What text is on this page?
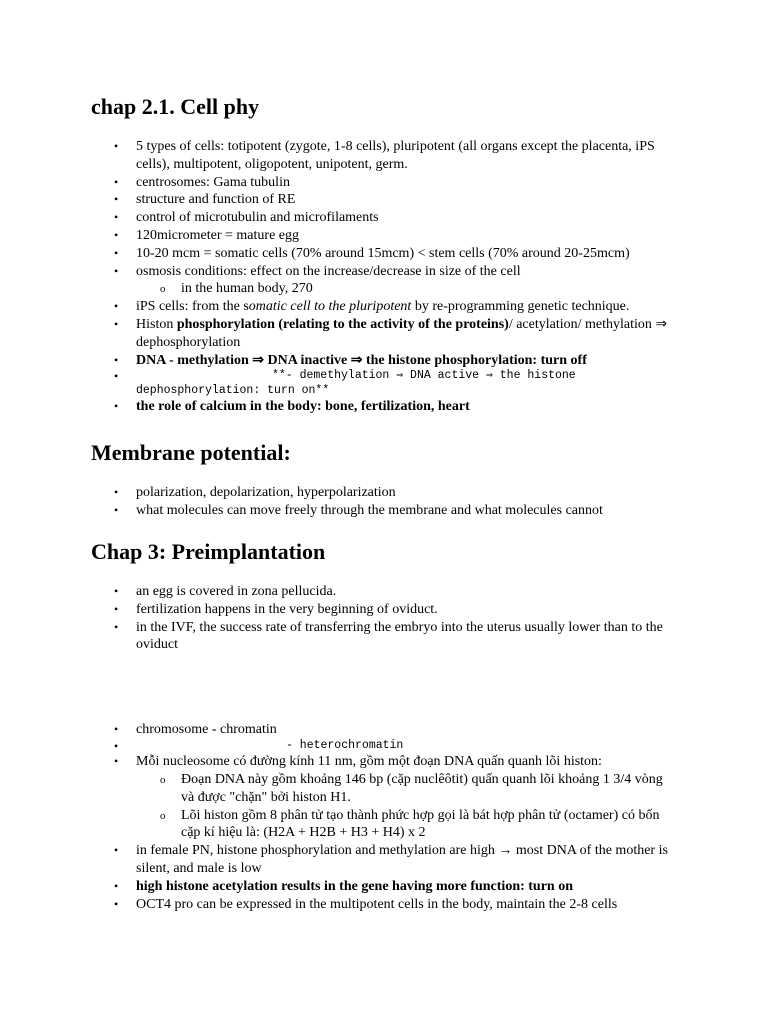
chap 2.1. Cell phy
• 5 types of cells: totipotent (zygote, 1-8 cells), pluripotent (all organs except the placenta, iPS cells), multipotent, oligopotent, unipotent, germ.
• centrosomes: Gama tubulin
• structure and function of RE
• control of microtubulin and microfilaments
• 120micrometer = mature egg
• 10-20 mcm = somatic cells (70% around 15mcm) < stem cells (70% around 20-25mcm)
• osmosis conditions: effect on the increase/decrease in size of the cell
o in the human body, 270
• iPS cells: from the somatic cell to the pluripotent by re-programming genetic technique.
• Histon phosphorylation (relating to the activity of the proteins)/ acetylation/ methylation ⇒ dephosphorylation
• DNA - methylation ⇒ DNA inactive ⇒ the histone phosphorylation: turn off
• **- demethylation ⇒ DNA active ⇒ the histone dephosphorylation: turn on**
• the role of calcium in the body: bone, fertilization, heart
Membrane potential:
• polarization, depolarization, hyperpolarization
• what molecules can move freely through the membrane and what molecules cannot
Chap 3: Preimplantation
• an egg is covered in zona pellucida.
• fertilization happens in the very beginning of oviduct.
• in the IVF, the success rate of transferring the embryo into the uterus usually lower than to the oviduct
• chromosome - chromatin
• - heterochromatin
• Mỗi nucleosome có đường kính 11 nm, gồm một đoạn DNA quấn quanh lõi histon:
o Đoạn DNA này gồm khoảng 146 bp (cặp nuclêôtit) quấn quanh lõi khoảng 1 3/4 vòng và được "chặn" bởi histon H1.
o Lõi histon gồm 8 phân tử tạo thành phức hợp gọi là bát hợp phân tử (octamer) có bốn cặp kí hiệu là: (H2A + H2B + H3 + H4) x 2
• in female PN, histone phosphorylation and methylation are high → most DNA of the mother is silent, and male is low
• high histone acetylation results in the gene having more function: turn on
• OCT4 pro can be expressed in the multipotent cells in the body, maintain the 2-8 cells
